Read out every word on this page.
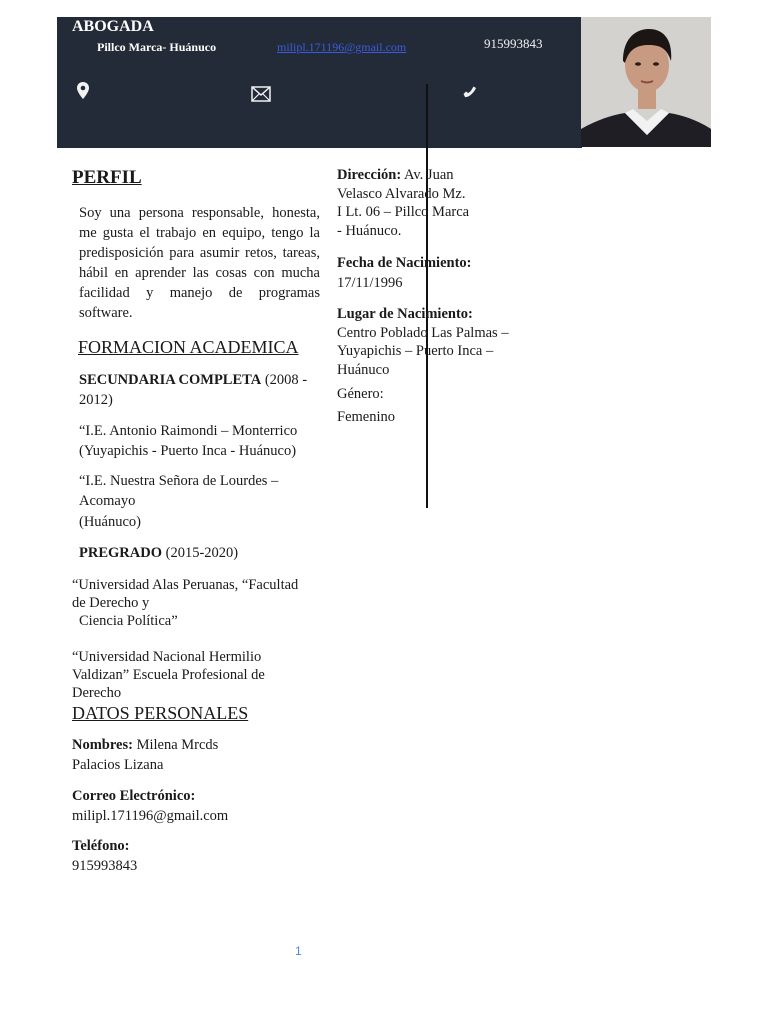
ABOGADA
Pillco Marca- Huánuco	milipl.171196@gmail.com	915993843
PERFIL
Soy una persona responsable, honesta, me gusta el trabajo en equipo, tengo la predisposición para asumir retos, tareas, hábil en aprender las cosas con mucha facilidad y manejo de programas software.
FORMACION ACADEMICA
SECUNDARIA COMPLETA (2008 -
2012)
“I.E. Antonio Raimondi – Monterrico
(Yuyapichis - Puerto Inca - Huánuco)
“I.E. Nuestra Señora de Lourdes –
Acomayo
(Huánuco)
PREGRADO (2015-2020)
“Universidad Alas Peruanas, “Facultad
de Derecho y
Ciencia Política”
“Universidad Nacional Hermilio
Valdizan” Escuela Profesional de
Derecho
DATOS PERSONALES
Nombres: Milena Mrcds
Palacios Lizana
Correo Electrónico:
milipl.171196@gmail.com
Teléfono:
915993843
Dirección: Av. Juan
Velasco Alvarado Mz.
I Lt. 06 – Pillco Marca
- Huánuco.
Fecha de Nacimiento:
17/11/1996
Lugar de Nacimiento:
Centro Poblado Las Palmas –
Yuyapichis – Puerto Inca –
Huánuco
Género:
Femenino
1
